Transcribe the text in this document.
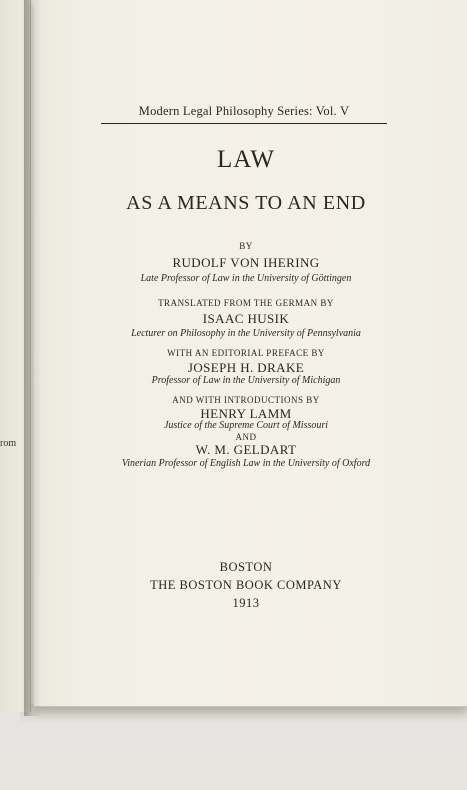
rom
Modern Legal Philosophy Series: Vol. V
LAW
AS A MEANS TO AN END
BY
RUDOLF VON IHERING
Late Professor of Law in the University of Göttingen
TRANSLATED FROM THE GERMAN BY
ISAAC HUSIK
Lecturer on Philosophy in the University of Pennsylvania
WITH AN EDITORIAL PREFACE BY
JOSEPH H. DRAKE
Professor of Law in the University of Michigan
AND WITH INTRODUCTIONS BY
HENRY LAMM
Justice of the Supreme Court of Missouri
AND
W. M. GELDART
Vinerian Professor of English Law in the University of Oxford
BOSTON
THE BOSTON BOOK COMPANY
1913
